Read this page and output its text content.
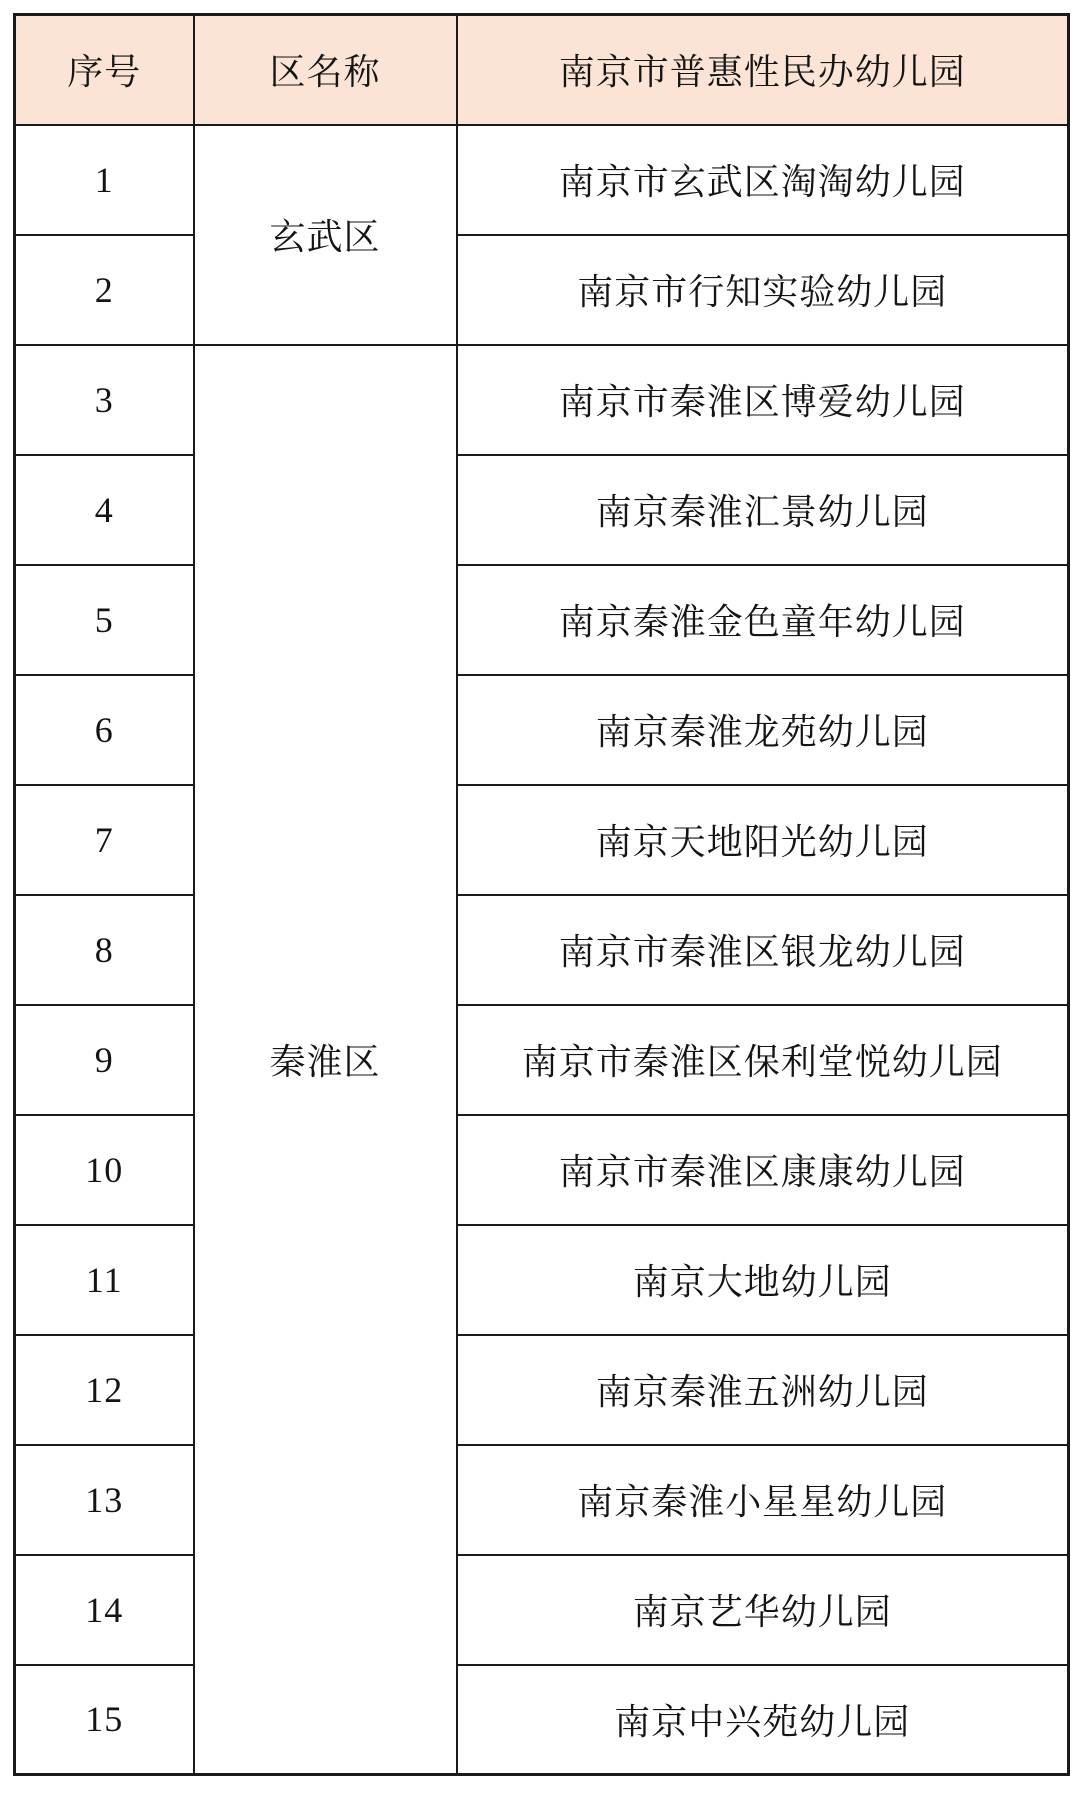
序号	区名称	南京市普惠性民办幼儿园
1	玄武区	南京市玄武区淘淘幼儿园
2		南京市行知实验幼儿园
3	秦淮区	南京市秦淮区博爱幼儿园
4		南京秦淮汇景幼儿园
5		南京秦淮金色童年幼儿园
6		南京秦淮龙苑幼儿园
7		南京天地阳光幼儿园
8		南京市秦淮区银龙幼儿园
9		南京市秦淮区保利堂悦幼儿园
10		南京市秦淮区康康幼儿园
11		南京大地幼儿园
12		南京秦淮五洲幼儿园
13		南京秦淮小星星幼儿园
14		南京艺华幼儿园
15		南京中兴苑幼儿园
